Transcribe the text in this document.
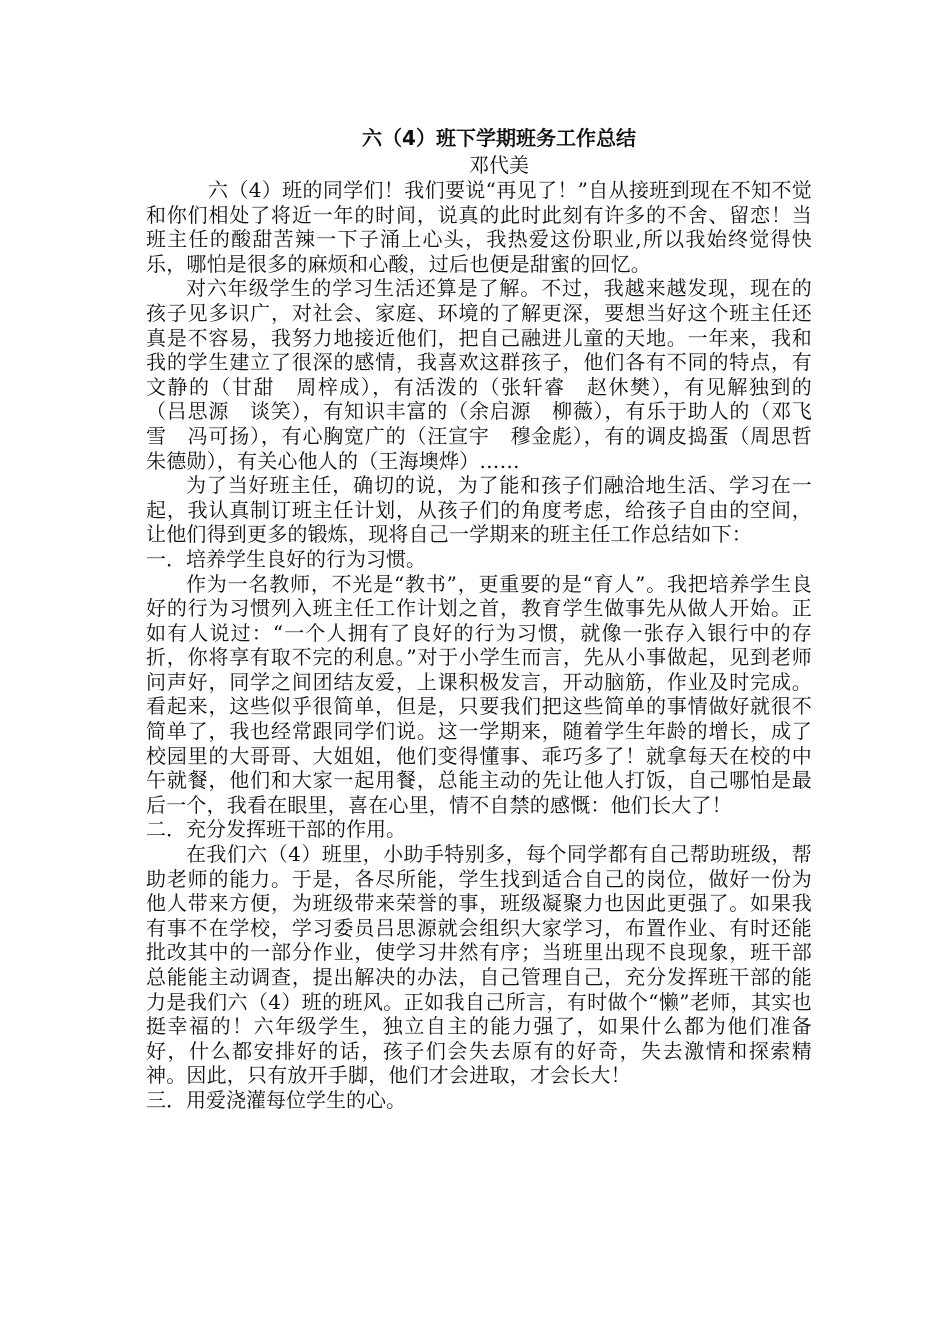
六（4）班下学期班务工作总结
邓代美

六（4）班的同学们！我们要说“再见了！”自从接班到现在不知不觉和你们相处了将近一年的时间，说真的此时此刻有许多的不舍、留恋！当班主任的酸甜苦辣一下子涌上心头，我热爱这份职业,所以我始终觉得快乐，哪怕是很多的麻烦和心酸，过后也便是甜蜜的回忆。

对六年级学生的学习生活还算是了解。不过，我越来越发现，现在的孩子见多识广，对社会、家庭、环境的了解更深，要想当好这个班主任还真是不容易，我努力地接近他们，把自己融进儿童的天地。一年来，我和我的学生建立了很深的感情，我喜欢这群孩子，他们各有不同的特点，有文静的（甘甜　周梓成），有活泼的（张轩睿　赵休樊），有见解独到的（吕思源　谈笑），有知识丰富的（余启源　柳薇），有乐于助人的（邓飞雪　冯可扬），有心胸宽广的（汪宣宇　穆金彪），有的调皮捣蛋（周思哲　朱德勋），有关心他人的（王海墺烨）……

为了当好班主任，确切的说，为了能和孩子们融洽地生活、学习在一起，我认真制订班主任计划，从孩子们的角度考虑，给孩子自由的空间，让他们得到更多的锻炼，现将自己一学期来的班主任工作总结如下：

一．培养学生良好的行为习惯。

作为一名教师，不光是“教书”，更重要的是“育人”。我把培养学生良好的行为习惯列入班主任工作计划之首，教育学生做事先从做人开始。正如有人说过：“一个人拥有了良好的行为习惯，就像一张存入银行中的存折，你将享有取不完的利息。”对于小学生而言，先从小事做起，见到老师问声好，同学之间团结友爱，上课积极发言，开动脑筋，作业及时完成。看起来，这些似乎很简单，但是，只要我们把这些简单的事情做好就很不简单了，我也经常跟同学们说。这一学期来，随着学生年龄的增长，成了校园里的大哥哥、大姐姐，他们变得懂事、乖巧多了！就拿每天在校的中午就餐，他们和大家一起用餐，总能主动的先让他人打饭，自己哪怕是最后一个，我看在眼里，喜在心里，情不自禁的感慨：他们长大了！

二．充分发挥班干部的作用。

在我们六（4）班里，小助手特别多，每个同学都有自己帮助班级，帮助老师的能力。于是，各尽所能，学生找到适合自己的岗位，做好一份为他人带来方便，为班级带来荣誉的事，班级凝聚力也因此更强了。如果我有事不在学校，学习委员吕思源就会组织大家学习，布置作业、有时还能批改其中的一部分作业，使学习井然有序；当班里出现不良现象，班干部总能能主动调查，提出解决的办法，自己管理自己，充分发挥班干部的能力是我们六（4）班的班风。正如我自己所言，有时做个“懒”老师，其实也挺幸福的！六年级学生，独立自主的能力强了，如果什么都为他们准备好，什么都安排好的话，孩子们会失去原有的好奇，失去激情和探索精神。因此，只有放开手脚，他们才会进取，才会长大！

三．用爱浇灌每位学生的心。
